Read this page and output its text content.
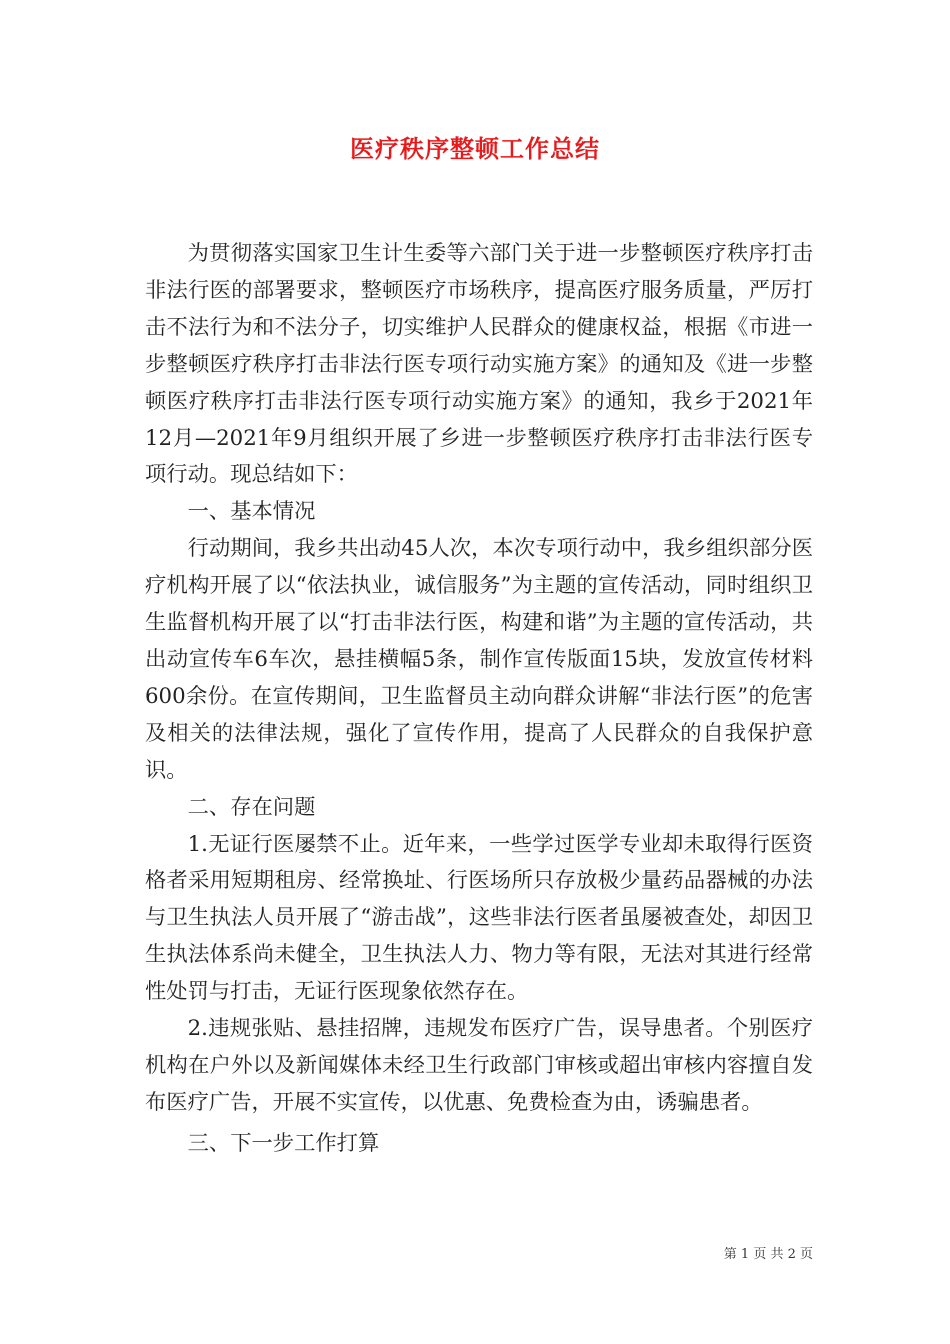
医疗秩序整顿工作总结

为贯彻落实国家卫生计生委等六部门关于进一步整顿医疗秩序打击非法行医的部署要求，整顿医疗市场秩序，提高医疗服务质量，严厉打击不法行为和不法分子，切实维护人民群众的健康权益，根据《市进一步整顿医疗秩序打击非法行医专项行动实施方案》的通知及《进一步整顿医疗秩序打击非法行医专项行动实施方案》的通知，我乡于2021年12月—2021年9月组织开展了乡进一步整顿医疗秩序打击非法行医专项行动。现总结如下：

一、基本情况

行动期间，我乡共出动45人次，本次专项行动中，我乡组织部分医疗机构开展了以“依法执业，诚信服务”为主题的宣传活动，同时组织卫生监督机构开展了以“打击非法行医，构建和谐”为主题的宣传活动，共出动宣传车6车次，悬挂横幅5条，制作宣传版面15块，发放宣传材料600余份。在宣传期间，卫生监督员主动向群众讲解“非法行医”的危害及相关的法律法规，强化了宣传作用，提高了人民群众的自我保护意识。

二、存在问题

1.无证行医屡禁不止。近年来，一些学过医学专业却未取得行医资格者采用短期租房、经常换址、行医场所只存放极少量药品器械的办法与卫生执法人员开展了“游击战”，这些非法行医者虽屡被查处，却因卫生执法体系尚未健全，卫生执法人力、物力等有限，无法对其进行经常性处罚与打击，无证行医现象依然存在。

2.违规张贴、悬挂招牌，违规发布医疗广告，误导患者。个别医疗机构在户外以及新闻媒体未经卫生行政部门审核或超出审核内容擅自发布医疗广告，开展不实宣传，以优惠、免费检查为由，诱骗患者。

三、下一步工作打算

第 1 页 共 2 页
